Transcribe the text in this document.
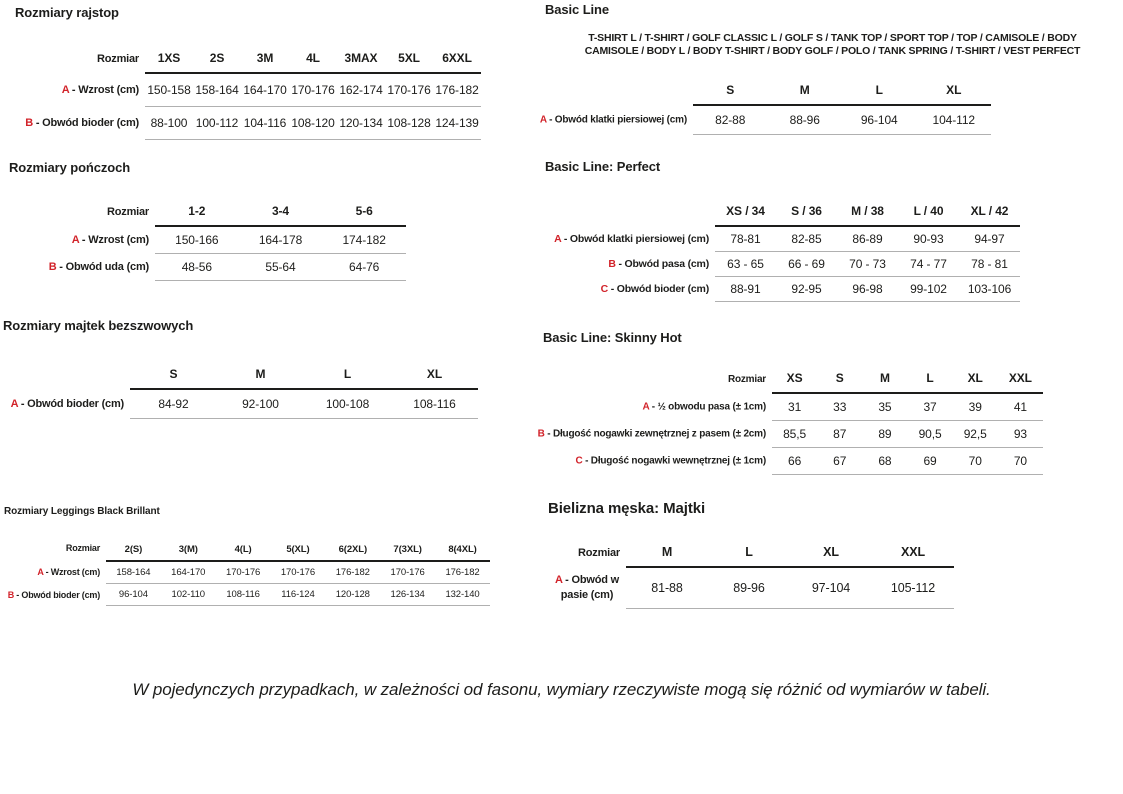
Rozmiary rajstop
Rozmiar	1XS	2S	3M	4L	3MAX	5XL	6XXL

A - Wzrost (cm)	150-158	158-164	164-170	170-176	162-174	170-176	176-182

B - Obwód bioder (cm)	88-100	100-112	104-116	108-120	120-134	108-128	124-139
Rozmiary pończoch
Rozmiar	1-2	3-4	5-6

A - Wzrost (cm)	150-166	164-178	174-182

B - Obwód uda (cm)	48-56	55-64	64-76
Rozmiary majtek bezszwowych
	S	M	L	XL

A - Obwód bioder (cm)	84-92	92-100	100-108	108-116
Rozmiary Leggings Black Brillant
Rozmiar	2(S)	3(M)	4(L)	5(XL)	6(2XL)	7(3XL)	8(4XL)

A - Wzrost (cm)	158-164	164-170	170-176	170-176	176-182	170-176	176-182

B - Obwód bioder (cm)	96-104	102-110	108-116	116-124	120-128	126-134	132-140
Basic Line
T-SHIRT L / T-SHIRT / GOLF CLASSIC L / GOLF S / TANK TOP / SPORT TOP / TOP / CAMISOLE / BODY
CAMISOLE / BODY L / BODY T-SHIRT / BODY GOLF / POLO / TANK SPRING / T-SHIRT / VEST PERFECT
	S	M	L	XL

A - Obwód klatki piersiowej (cm)	82-88	88-96	96-104	104-112
Basic Line: Perfect
	XS / 34	S / 36	M / 38	L / 40	XL / 42

A - Obwód klatki piersiowej (cm)	78-81	82-85	86-89	90-93	94-97

B - Obwód pasa (cm)	63 - 65	66 - 69	70 - 73	74 - 77	78 - 81

C - Obwód bioder (cm)	88-91	92-95	96-98	99-102	103-106
Basic Line: Skinny Hot
Rozmiar	XS	S	M	L	XL	XXL

A - ½ obwodu pasa (± 1cm)	31	33	35	37	39	41

B - Długość nogawki zewnętrznej z pasem (± 2cm)	85,5	87	89	90,5	92,5	93

C - Długość nogawki wewnętrznej (± 1cm)	66	67	68	69	70	70
Bielizna męska: Majtki
Rozmiar	M	L	XL	XXL

A - Obwód w pasie (cm)	81-88	89-96	97-104	105-112

W pojedynczych przypadkach, w zależności od fasonu, wymiary rzeczywiste mogą się różnić od wymiarów w tabeli.
